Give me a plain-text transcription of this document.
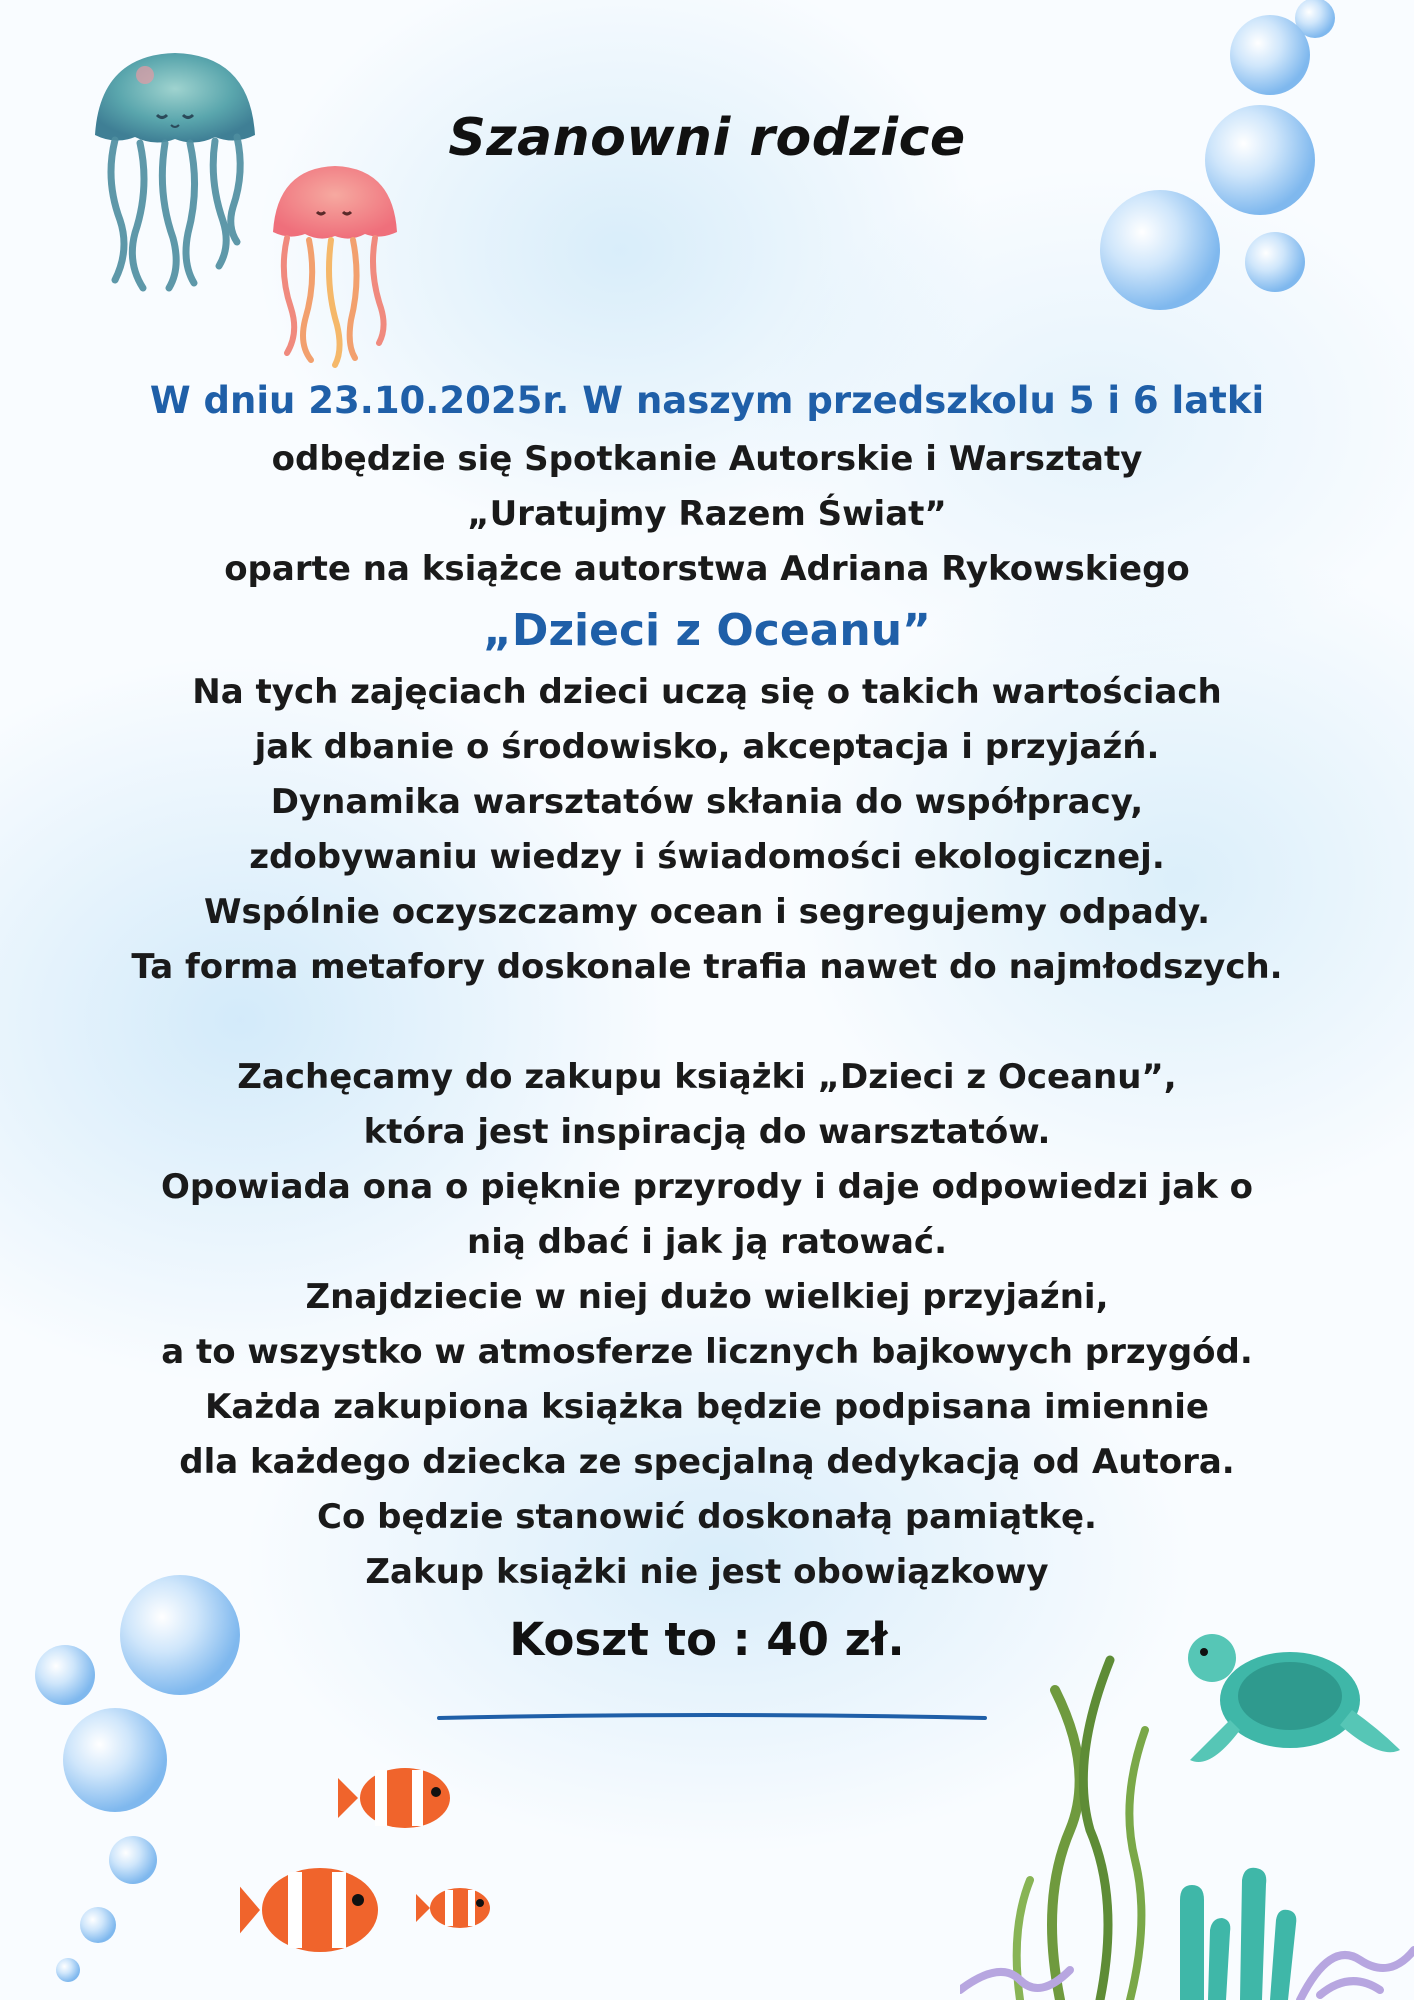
Szanowni rodzice
W dniu 23.10.2025r. W naszym przedszkolu 5 i 6 latki
odbędzie się Spotkanie Autorskie i Warsztaty
„Uratujmy Razem Świat”
oparte na książce autorstwa Adriana Rykowskiego
„Dzieci z Oceanu”
Na tych zajęciach dzieci uczą się o takich wartościach
jak dbanie o środowisko, akceptacja i przyjaźń.
Dynamika warsztatów skłania do współpracy,
zdobywaniu wiedzy i świadomości ekologicznej.
Wspólnie oczyszczamy ocean i segregujemy odpady.
Ta forma metafory doskonale trafia nawet do najmłodszych.
Zachęcamy do zakupu książki „Dzieci z Oceanu”,
która jest inspiracją do warsztatów.
Opowiada ona o pięknie przyrody i daje odpowiedzi jak o
nią dbać i jak ją ratować.
Znajdziecie w niej dużo wielkiej przyjaźni,
a to wszystko w atmosferze licznych bajkowych przygód.
Każda zakupiona książka będzie podpisana imiennie
dla każdego dziecka ze specjalną dedykacją od Autora.
Co będzie stanowić doskonałą pamiątkę.
Zakup książki nie jest obowiązkowy
Koszt to : 40 zł.
